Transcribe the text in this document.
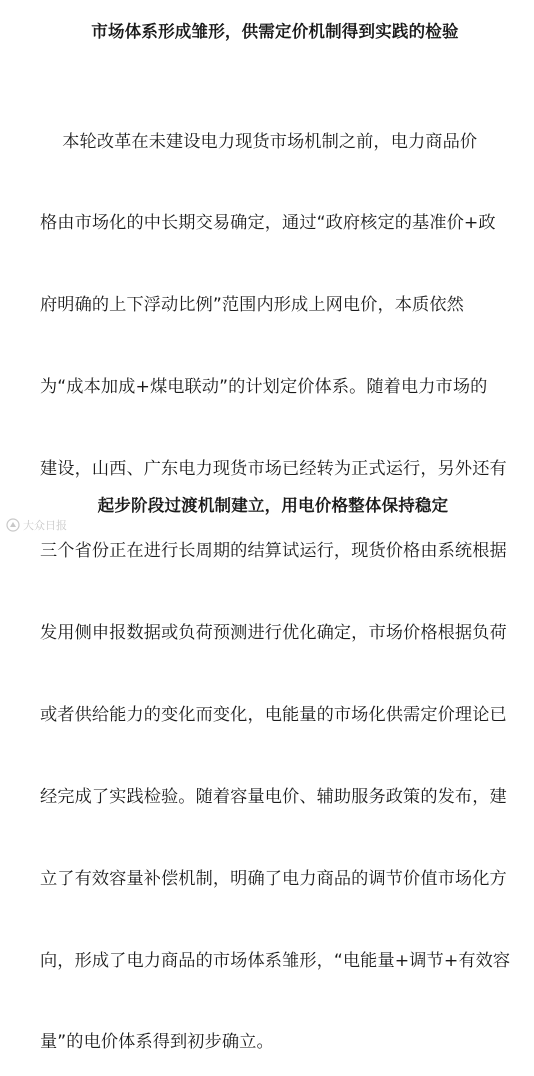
市场体系形成雏形，供需定价机制得到实践的检验

本轮改革在未建设电力现货市场机制之前，电力商品价

格由市场化的中长期交易确定，通过“政府核定的基准价+政

府明确的上下浮动比例”范围内形成上网电价，本质依然

为“成本加成+煤电联动”的计划定价体系。随着电力市场的

建设，山西、广东电力现货市场已经转为正式运行，另外还有

三个省份正在进行长周期的结算试运行，现货价格由系统根据

发用侧申报数据或负荷预测进行优化确定，市场价格根据负荷

或者供给能力的变化而变化，电能量的市场化供需定价理论已

经完成了实践检验。随着容量电价、辅助服务政策的发布，建

立了有效容量补偿机制，明确了电力商品的调节价值市场化方

向，形成了电力商品的市场体系雏形，“电能量+调节+有效容

量”的电价体系得到初步确立。

起步阶段过渡机制建立，用电价格整体保持稳定
大众日报
